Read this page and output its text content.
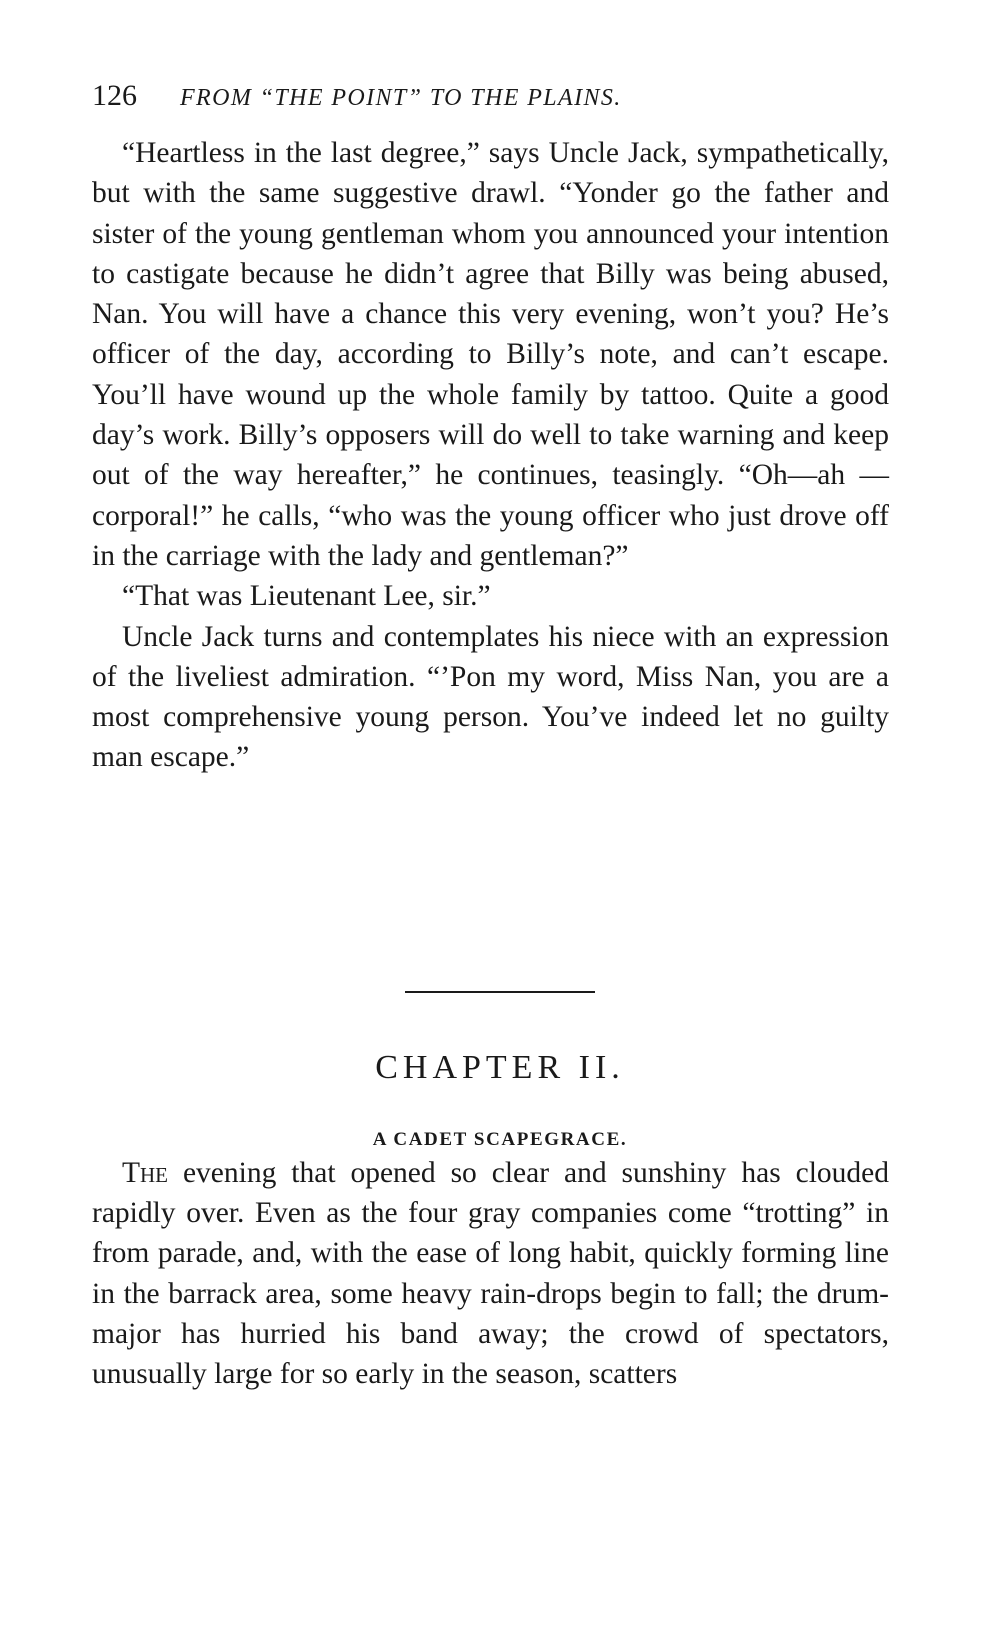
126 FROM “THE POINT” TO THE PLAINS.

“Heartless in the last degree,” says Uncle Jack, sympathetically, but with the same suggestive drawl. “Yonder go the father and sister of the young gentleman whom you announced your intention to castigate because he didn’t agree that Billy was being abused, Nan. You will have a chance this very evening, won’t you? He’s officer of the day, according to Billy’s note, and can’t escape. You’ll have wound up the whole family by tattoo. Quite a good day’s work. Billy’s opposers will do well to take warning and keep out of the way hereafter,” he continues, teasingly. “Oh—ah —corporal!” he calls, “who was the young officer who just drove off in the carriage with the lady and gentleman?”

“That was Lieutenant Lee, sir.”

Uncle Jack turns and contemplates his niece with an expression of the liveliest admiration. “’Pon my word, Miss Nan, you are a most comprehensive young person. You’ve indeed let no guilty man escape.”

CHAPTER II.
A CADET SCAPEGRACE.

The evening that opened so clear and sunshiny has clouded rapidly over. Even as the four gray companies come “trotting” in from parade, and, with the ease of long habit, quickly forming line in the barrack area, some heavy rain-drops begin to fall; the drum-major has hurried his band away; the crowd of spectators, unusually large for so early in the season, scatters
